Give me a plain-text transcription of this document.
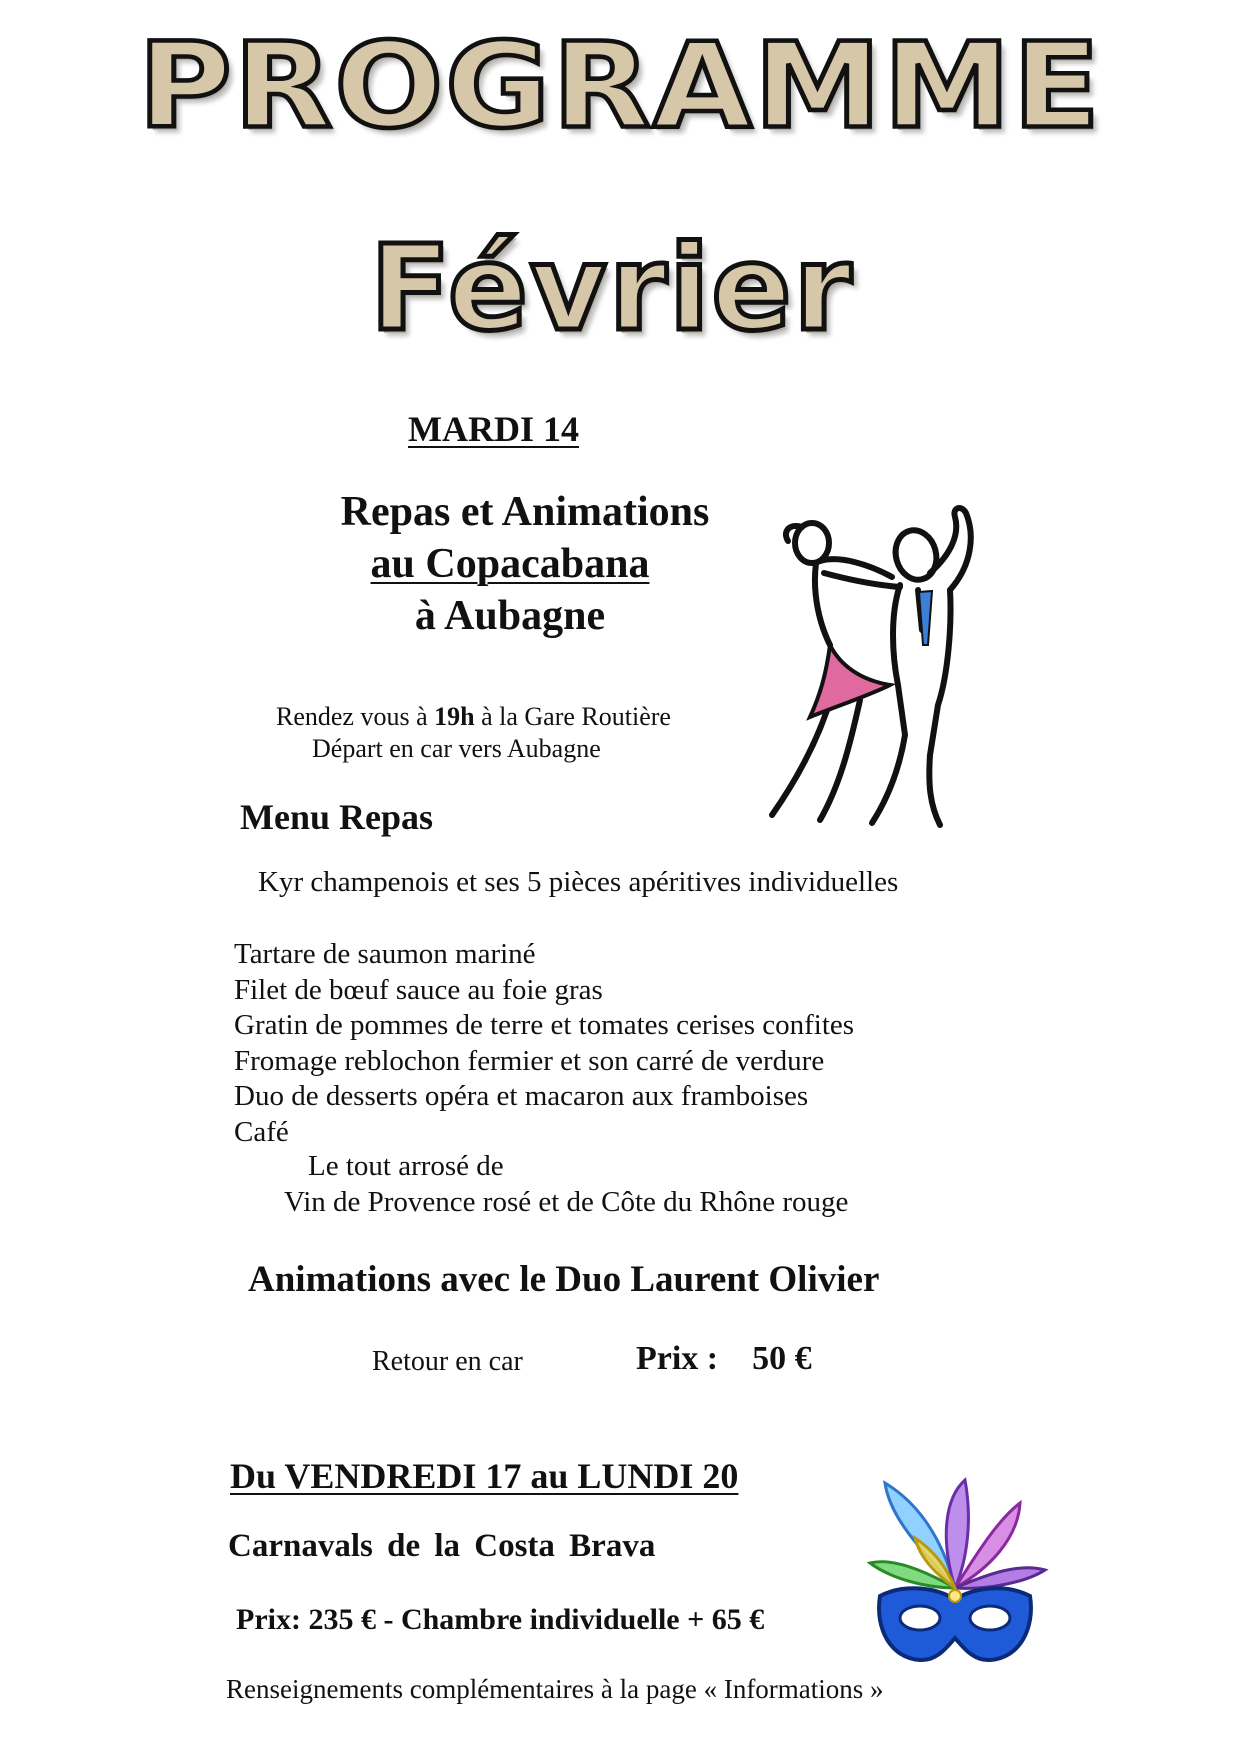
PROGRAMME
Février
MARDI 14
Repas et Animations
au Copacabana
à Aubagne
Rendez vous à 19h à la Gare Routière
Départ en car vers Aubagne
Menu Repas
Kyr champenois et ses 5 pièces apéritives individuelles
Tartare de saumon mariné
Filet de bœuf sauce au foie gras
Gratin de pommes de terre et tomates cerises confites
Fromage reblochon fermier et son carré de verdure
Duo de desserts opéra et macaron aux framboises
Café
Le tout arrosé de
Vin de Provence rosé et de Côte du Rhône rouge
Animations avec le Duo Laurent Olivier
Retour en car	Prix : 50 €
Du VENDREDI 17 au LUNDI 20
Carnavals de la Costa Brava
Prix: 235 € - Chambre individuelle + 65 €
Renseignements complémentaires à la page « Informations »
